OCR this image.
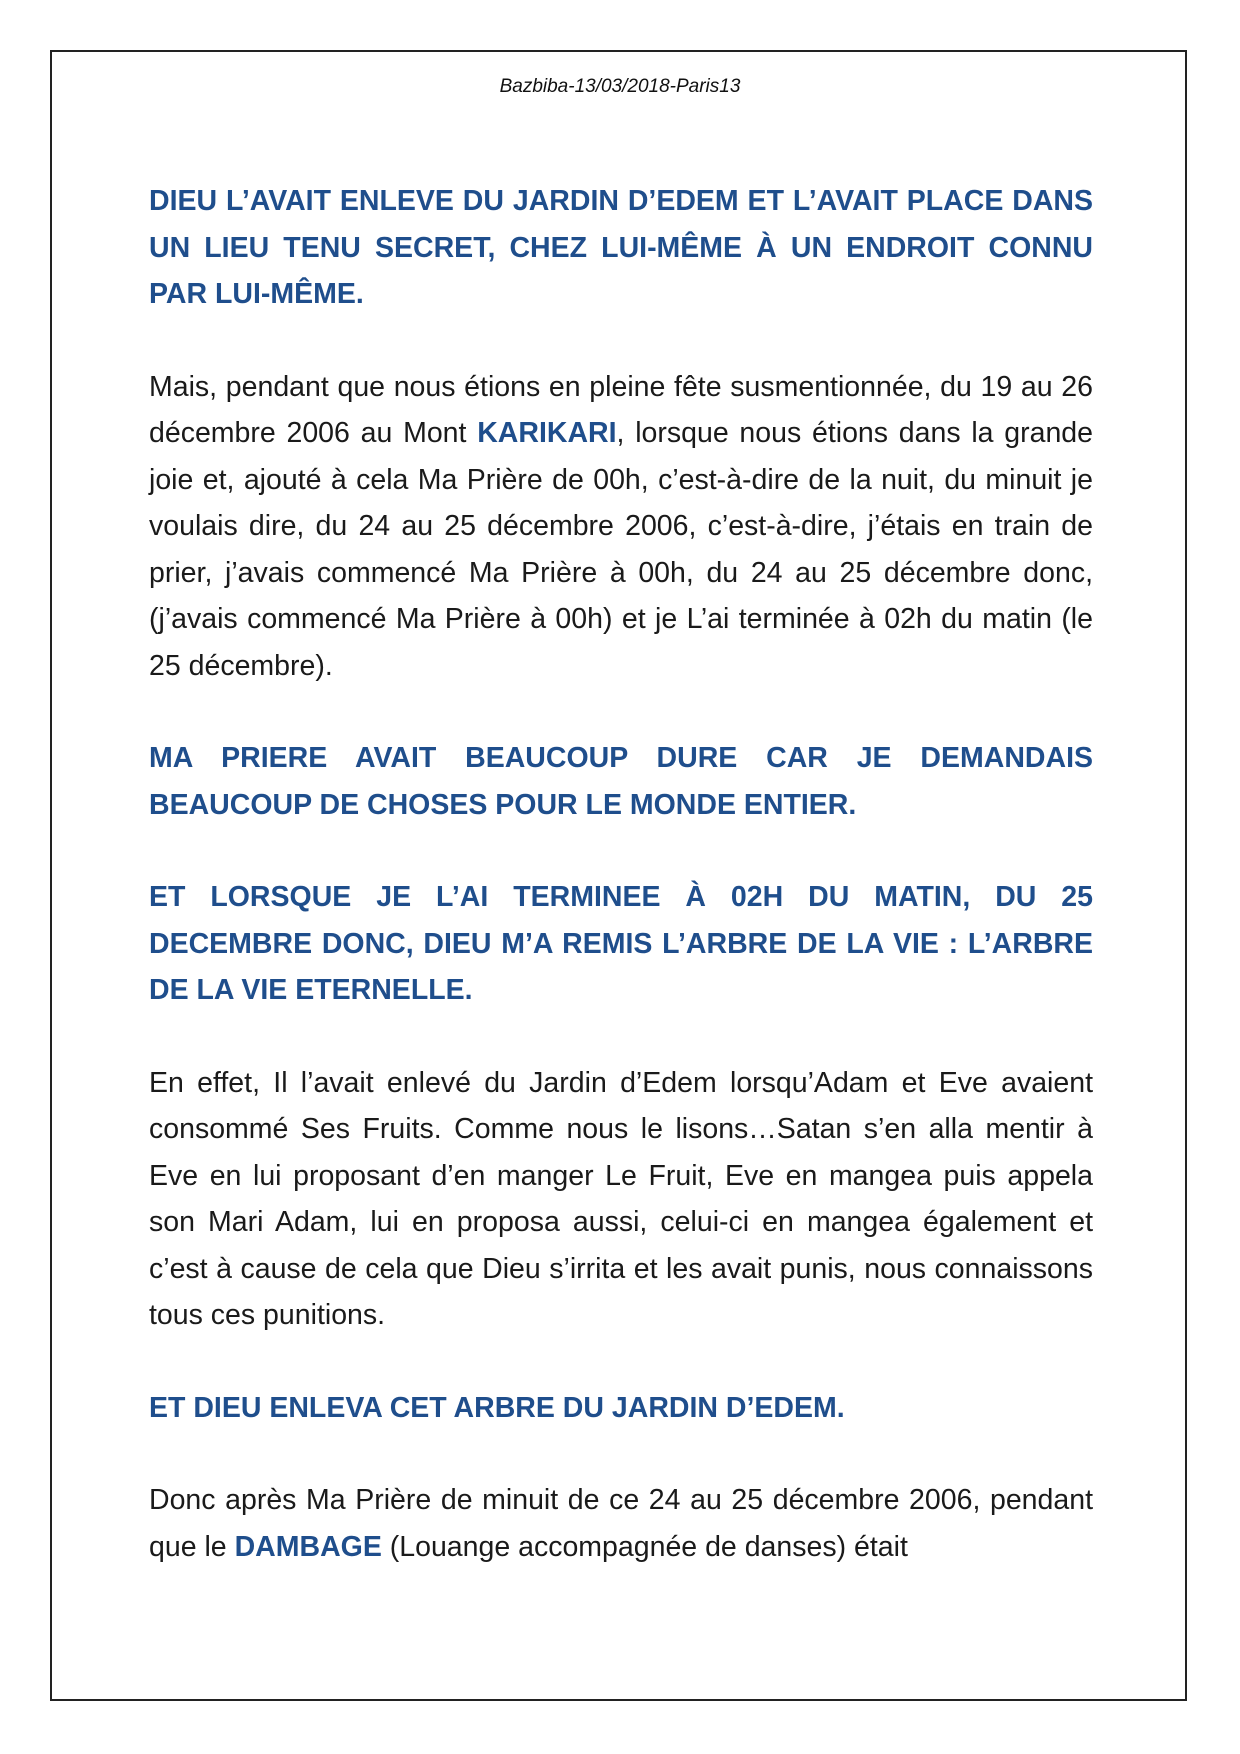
Bazbiba-13/03/2018-Paris13

DIEU L’AVAIT ENLEVE DU JARDIN D’EDEM ET L’AVAIT PLACE DANS UN LIEU TENU SECRET, CHEZ LUI-MÊME À UN ENDROIT CONNU PAR LUI-MÊME.

Mais, pendant que nous étions en pleine fête susmentionnée, du 19 au 26 décembre 2006 au Mont KARIKARI, lorsque nous étions dans la grande joie et, ajouté à cela Ma Prière de 00h, c’est-à-dire de la nuit, du minuit je voulais dire, du 24 au 25 décembre 2006, c’est-à-dire, j’étais en train de prier, j’avais commencé Ma Prière à 00h, du 24 au 25 décembre donc, (j’avais commencé Ma Prière à 00h) et je L’ai terminée à 02h du matin (le 25 décembre).

MA PRIERE AVAIT BEAUCOUP DURE CAR JE DEMANDAIS BEAUCOUP DE CHOSES POUR LE MONDE ENTIER.

ET LORSQUE JE L’AI TERMINEE À 02H DU MATIN, DU 25 DECEMBRE DONC, DIEU M’A REMIS L’ARBRE DE LA VIE : L’ARBRE DE LA VIE ETERNELLE.

En effet, Il l’avait enlevé du Jardin d’Edem lorsqu’Adam et Eve avaient consommé Ses Fruits. Comme nous le lisons…Satan s’en alla mentir à Eve en lui proposant d’en manger Le Fruit, Eve en mangea puis appela son Mari Adam, lui en proposa aussi, celui-ci en mangea également et c’est à cause de cela que Dieu s’irrita et les avait punis, nous connaissons tous ces punitions.

ET DIEU ENLEVA CET ARBRE DU JARDIN D’EDEM.

Donc après Ma Prière de minuit de ce 24 au 25 décembre 2006, pendant que le DAMBAGE (Louange accompagnée de danses) était
